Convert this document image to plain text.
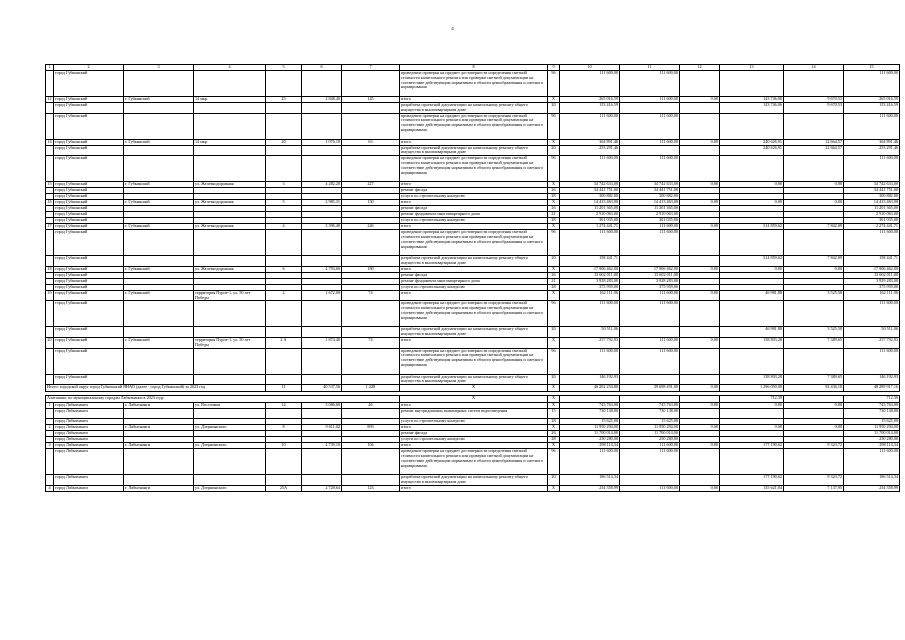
4
1	2	3	4	5	6	7	8	9	10	11	12	13	14	15
	город Губкинский						проведение проверки на предмет достоверности определения сметной стоимости капитального ремонта или проверки сметной документации на соответствие действующим нормативам в области ценообразования и сметного нормирования	96	111 600,00	111 600,00				111 600,00
12	город Губкинский	г. Губкинский	14 мкр.	25	2 848,40	145	итого	Х	265 016,59	111 600,00	0,00	143 746,06	9 670,53	265 016,59
	город Губкинский						разработка проектной документации на капитальному ремонту общего имущества в многоквартирном доме	20	153 416,59			143 746,06	9 670,53	153 416,59
	город Губкинский						проведение проверки на предмет достоверности определения сметной стоимости капитального ремонта или проверки сметной документации на соответствие действующим нормативам в области ценообразования и сметного нормирования	96	111 600,00	111 600,00				111 600,00
14	город Губкинский	г. Губкинский	14 мкр.	20	1 076,10	63	итого	Х	364 891,46	111 600,00	0,00	240 626,91	12 664,57	364 891,46
	город Губкинский						разработка проектной документации на капитальному ремонту общего имущества в многоквартирном доме	20	253 291,46			240 626,91	12 664,57	253 291,46
	город Губкинский						проведение проверки на предмет достоверности определения сметной стоимости капитального ремонта или проверки сметной документации на соответствие действующим нормативам в области ценообразования и сметного нормирования	96	111 600,00	111 600,00				111 600,00
15	город Губкинский	г. Губкинский	ул. Железнодорожная	3	4 282,20	227	итого	Х	34 742 633,00	34 742 633,00	0,00	0,00	0,00	34 742 633,00
	город Губкинский						ремонт фасада	26	34 441 751,00	34 441 751,00				34 441 751,00
	город Губкинский						услуги по строительному контролю	28	300 882,00	300 882,00				300 882,00
16	город Губкинский	г. Губкинский	ул. Железнодорожная	5	2 985,31	130	итого	Х	14 413 463,00	14 413 463,00	0,00	0,00	0,00	14 413 463,00
	город Губкинский						ремонт фасада	26	11 201 365,00	11 201 365,00				11 201 365,00
	город Губкинский						ремонт фундамента многоквартирного дома	21	2 910 063,00	2 910 063,00				2 910 063,00
	город Губкинский						услуги по строительному контролю	28	301 035,00	301 035,00				301 035,00
17	город Губкинский	г. Губкинский	ул. Железнодорожная	4	3 396,40	246	итого	Х	1 274 441,71	111 600,00	0,00	314 859,62	7 842,09	2 274 441,71
	город Губкинский						проведение проверки на предмет достоверности определения сметной стоимости капитального ремонта или проверки сметной документации на соответствие действующим нормативам в области ценообразования и сметного нормирования	96	111 600,00	111 600,00				111 600,00
	город Губкинский						разработка проектной документации на капитальному ремонту общего имущества в многоквартирном доме	20	158 441,71			314 859,62	7 842,09	158 441,71
18	город Губкинский	г. Губкинский	ул. Железнодорожная	6	4 793,60	180	итого	Х	17 906 462,00	17 906 462,00	0,00	0,00	0,00	17 906 462,00
	город Губкинский						ремонт фасада	26	13 602 011,00	13 602 011,00				13 602 011,00
	город Губкинский						ремонт фундамента многоквартирного дома	21	3 928 283,00	3 928 283,00				3 929 283,00
	город Губкинский						услуги по строительному контролю	28	375 959,00	375 959,00				375 959,00
19	город Губкинский	г. Губкинский	территория Пурпе-1, ул. 50 лет Победы	2	1 672,00	74	итого	Х	162 111,06	111 600,00	0,00	46 981,88	3 525,58	162 111,06
	город Губкинский						проведение проверки на предмет достоверности определения сметной стоимости капитального ремонта или проверки сметной документации на соответствие действующим нормативам в области ценообразования и сметного нормирования	96	111 600,00	111 600,00				111 600,00
	город Губкинский						разработка проектной документации на капитальному ремонту общего имущества в многоквартирном доме	20	50 511,06			46 981,88	3 525,58	50 511,06
20	город Губкинский	г. Губкинский	территория Пурпе-1, ул. 50 лет Победы	2 А	1 874,40	74	итого	Х	257 792,93	111 600,00	0,00	138 803,28	7 389,65	257 792,93
	город Губкинский						проведение проверки на предмет достоверности определения сметной стоимости капитального ремонта или проверки сметной документации на соответствие действующим нормативам в области ценообразования и сметного нормирования	96	111 600,00	111 600,00				111 600,00
	город Губкинский						разработка проектной документации на капитальному ремонту общего имущества в многоквартирном доме	20	146 192,93			138 803,28	7 389,65	146 192,93
Итого: городской округ город Губкинский ЯНАО (далее - город Губкинский) за 2023 год				11	40 537,56	1 228	Х	Х	46 202 254,80	39 698 491,00	0,00	1 296 050,00	92 436,18	48 289 917,16

Алатанана: по муниципальному городам Лабытнанги в 2023 году							Х	Х				712,39		712,39
1	город Лабытнанги	г. Лабытнанги	ул. Восточная	14	3 086,60	46	итого	Х	745 763,00	745 763,00	0,00	0,00	0,00	745 763,00
	город Лабытнанги						ремонт внутридомовых инженерных систем водоотведения	15	730 138,00	730 138,00				730 138,00
	город Лабытнанги						услуги по строительному контролю	28	15 625,00	15 625,00				15 625,00
2	город Лабытнанги	г. Лабытнанги	ул. Дзержинского	8	9 611,02	893	итого	Х	11 950 294,00	11 950 294,00	0,00	0,00	0,00	11 950 294,00
	город Лабытнанги						ремонт фасада	26	11 700 014,00	11 700 014,00				11 700 014,00
	город Лабытнанги						услуги по строительному контролю	28	250 280,00	250 280,00				250 280,00
3	город Лабытнанги	г. Лабытнанги	ул. Дзержинского	10	4 739,10	104	итого	Х	298 114,34	111 600,00	0,00	177 190,62	9 323,72	298 114,34
	город Лабытнанги						проведение проверки на предмет достоверности определения сметной стоимости капитального ремонта или проверки сметной документации на соответствие действующим нормативам в области ценообразования и сметного нормирования	96	111 600,00	111 600,00				111 600,00
	город Лабытнанги						разработка проектной документации на капитальному ремонту общего имущества в многоквартирном доме	20	186 514,34			177 190,62	9 323,72	186 514,34
4	город Лабытнанги	г. Лабытнанги	ул. Дзержинского	25А	2 728,64	123	итого	Х	254 358,99	111 600,00	0,00	135 621,04	7 137,95	254 358,99
